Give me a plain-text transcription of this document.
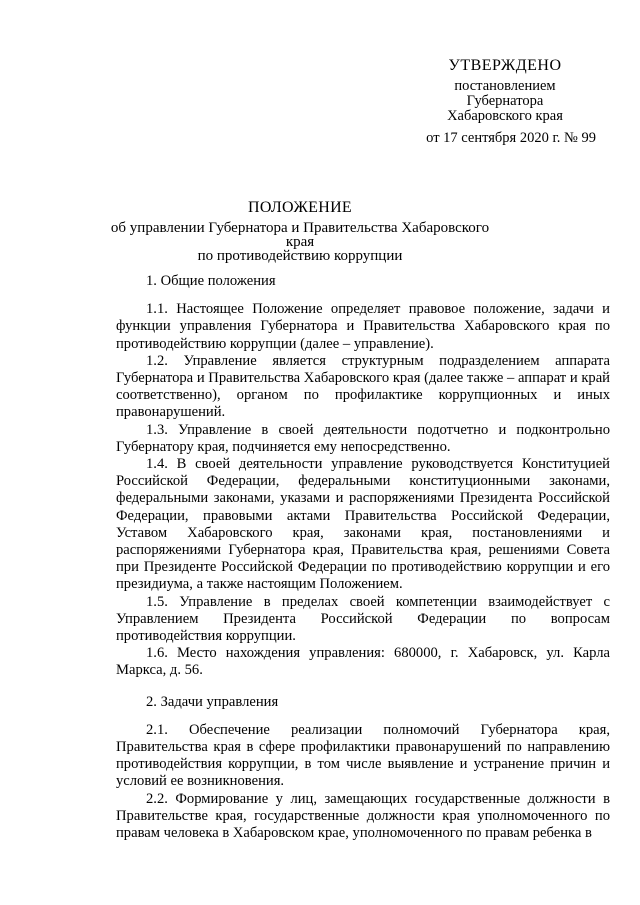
УТВЕРЖДЕНО
постановлением
Губернатора
Хабаровского края
от 17 сентября 2020 г. № 99
ПОЛОЖЕНИЕ
об управлении Губернатора и Правительства Хабаровского края
по противодействию коррупции

1. Общие положения

1.1. Настоящее Положение определяет правовое положение, задачи и функции управления Губернатора и Правительства Хабаровского края по противодействию коррупции (далее – управление).

1.2. Управление является структурным подразделением аппарата Губернатора и Правительства Хабаровского края (далее также – аппарат и край соответственно), органом по профилактике коррупционных и иных правонарушений.

1.3. Управление в своей деятельности подотчетно и подконтрольно Губернатору края, подчиняется ему непосредственно.

1.4. В своей деятельности управление руководствуется Конституцией Российской Федерации, федеральными конституционными законами, федеральными законами, указами и распоряжениями Президента Российской Федерации, правовыми актами Правительства Российской Федерации, Уставом Хабаровского края, законами края, постановлениями и распоряжениями Губернатора края, Правительства края, решениями Совета при Президенте Российской Федерации по противодействию коррупции и его президиума, а также настоящим Положением.

1.5. Управление в пределах своей компетенции взаимодействует с Управлением Президента Российской Федерации по вопросам противодействия коррупции.

1.6. Место нахождения управления: 680000, г. Хабаровск, ул. Карла Маркса, д. 56.

2. Задачи управления

2.1. Обеспечение реализации полномочий Губернатора края, Правительства края в сфере профилактики правонарушений по направлению противодействия коррупции, в том числе выявление и устранение причин и условий ее возникновения.

2.2. Формирование у лиц, замещающих государственные должности в Правительстве края, государственные должности края уполномоченного по правам человека в Хабаровском крае, уполномоченного по правам ребенка в
